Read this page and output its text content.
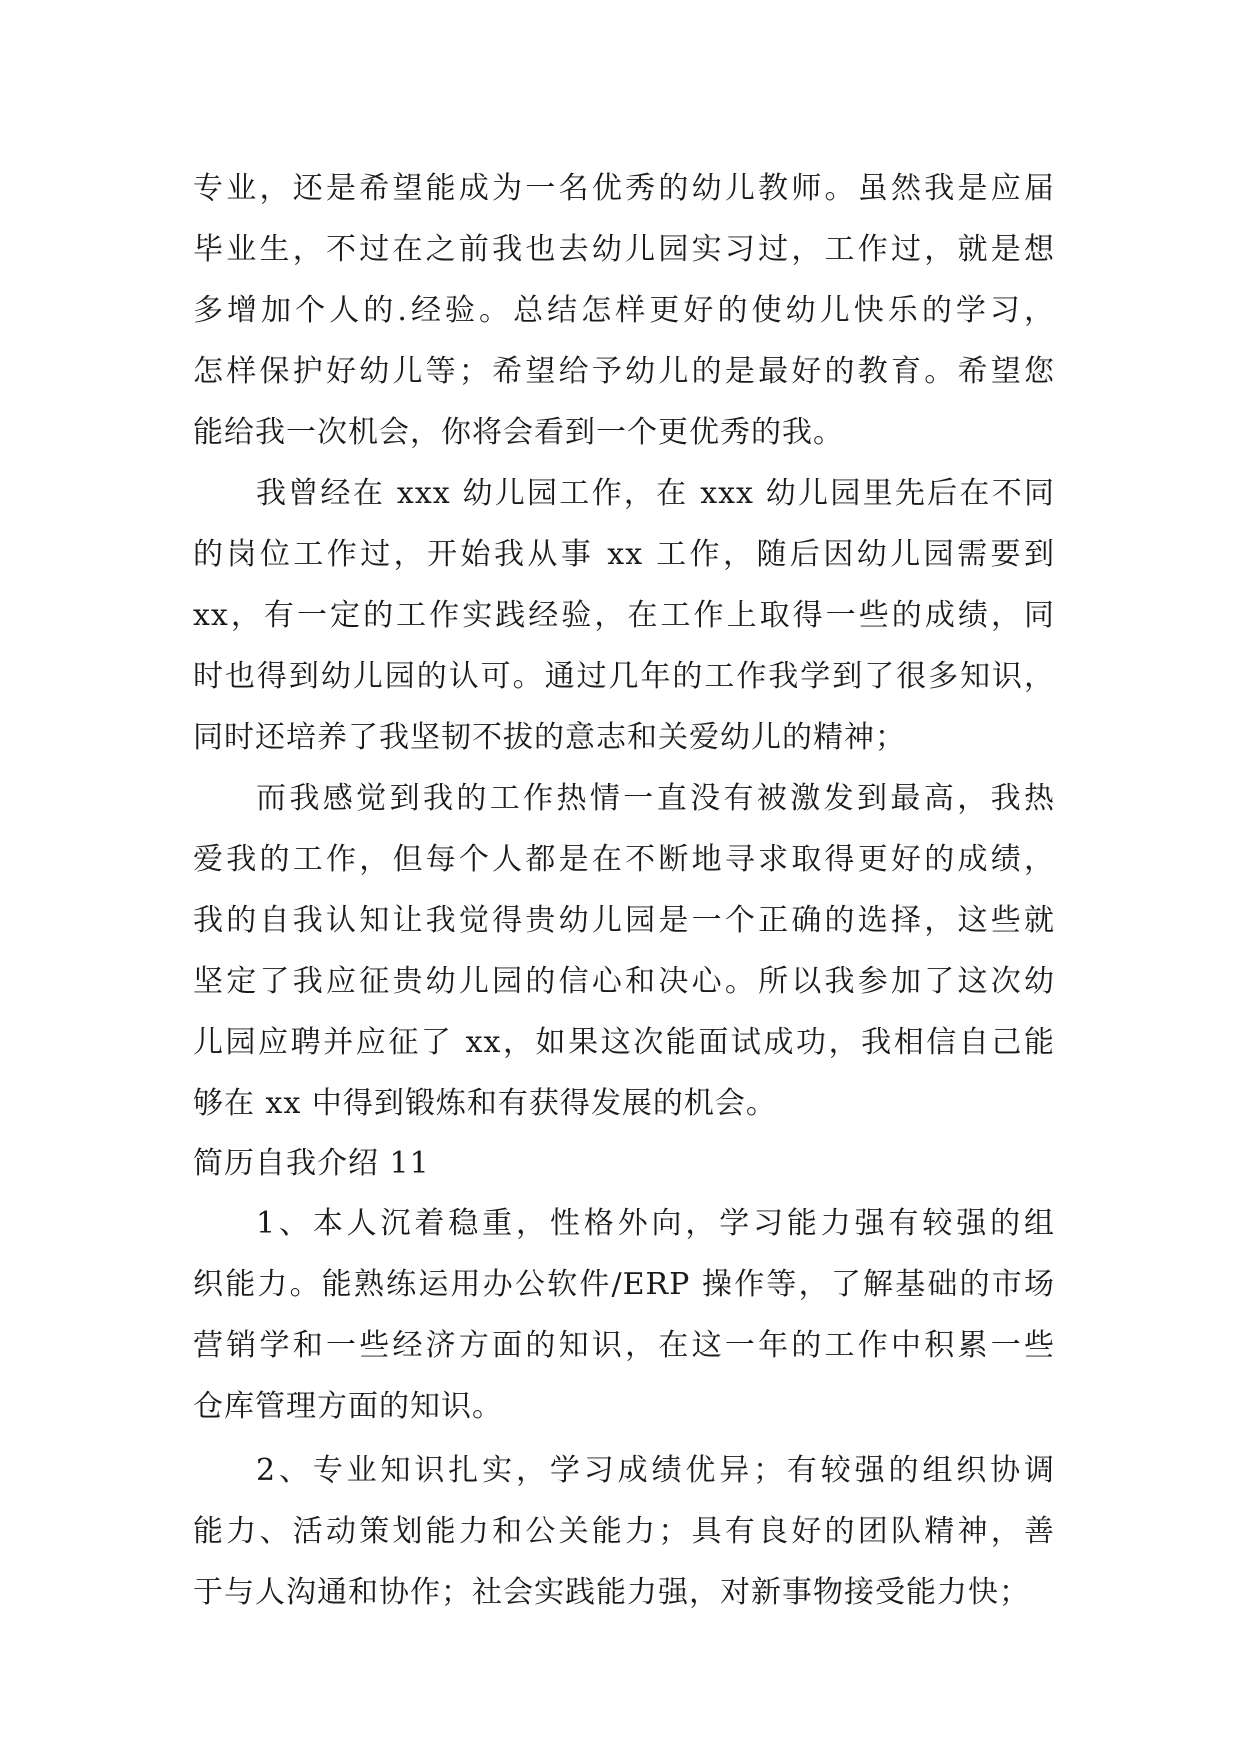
专业，还是希望能成为一名优秀的幼儿教师。虽然我是应届
毕业生，不过在之前我也去幼儿园实习过，工作过，就是想
多增加个人的.经验。总结怎样更好的使幼儿快乐的学习，
怎样保护好幼儿等；希望给予幼儿的是最好的教育。希望您
能给我一次机会，你将会看到一个更优秀的我。
我曾经在 xxx 幼儿园工作，在 xxx 幼儿园里先后在不同
的岗位工作过，开始我从事 xx 工作，随后因幼儿园需要到
xx，有一定的工作实践经验，在工作上取得一些的成绩，同
时也得到幼儿园的认可。通过几年的工作我学到了很多知识，
同时还培养了我坚韧不拔的意志和关爱幼儿的精神；
而我感觉到我的工作热情一直没有被激发到最高，我热
爱我的工作，但每个人都是在不断地寻求取得更好的成绩，
我的自我认知让我觉得贵幼儿园是一个正确的选择，这些就
坚定了我应征贵幼儿园的信心和决心。所以我参加了这次幼
儿园应聘并应征了 xx，如果这次能面试成功，我相信自己能
够在 xx 中得到锻炼和有获得发展的机会。
简历自我介绍 11
1、本人沉着稳重，性格外向，学习能力强有较强的组
织能力。能熟练运用办公软件/ERP 操作等，了解基础的市场
营销学和一些经济方面的知识，在这一年的工作中积累一些
仓库管理方面的知识。
2、专业知识扎实，学习成绩优异；有较强的组织协调
能力、活动策划能力和公关能力；具有良好的团队精神，善
于与人沟通和协作；社会实践能力强，对新事物接受能力快；
